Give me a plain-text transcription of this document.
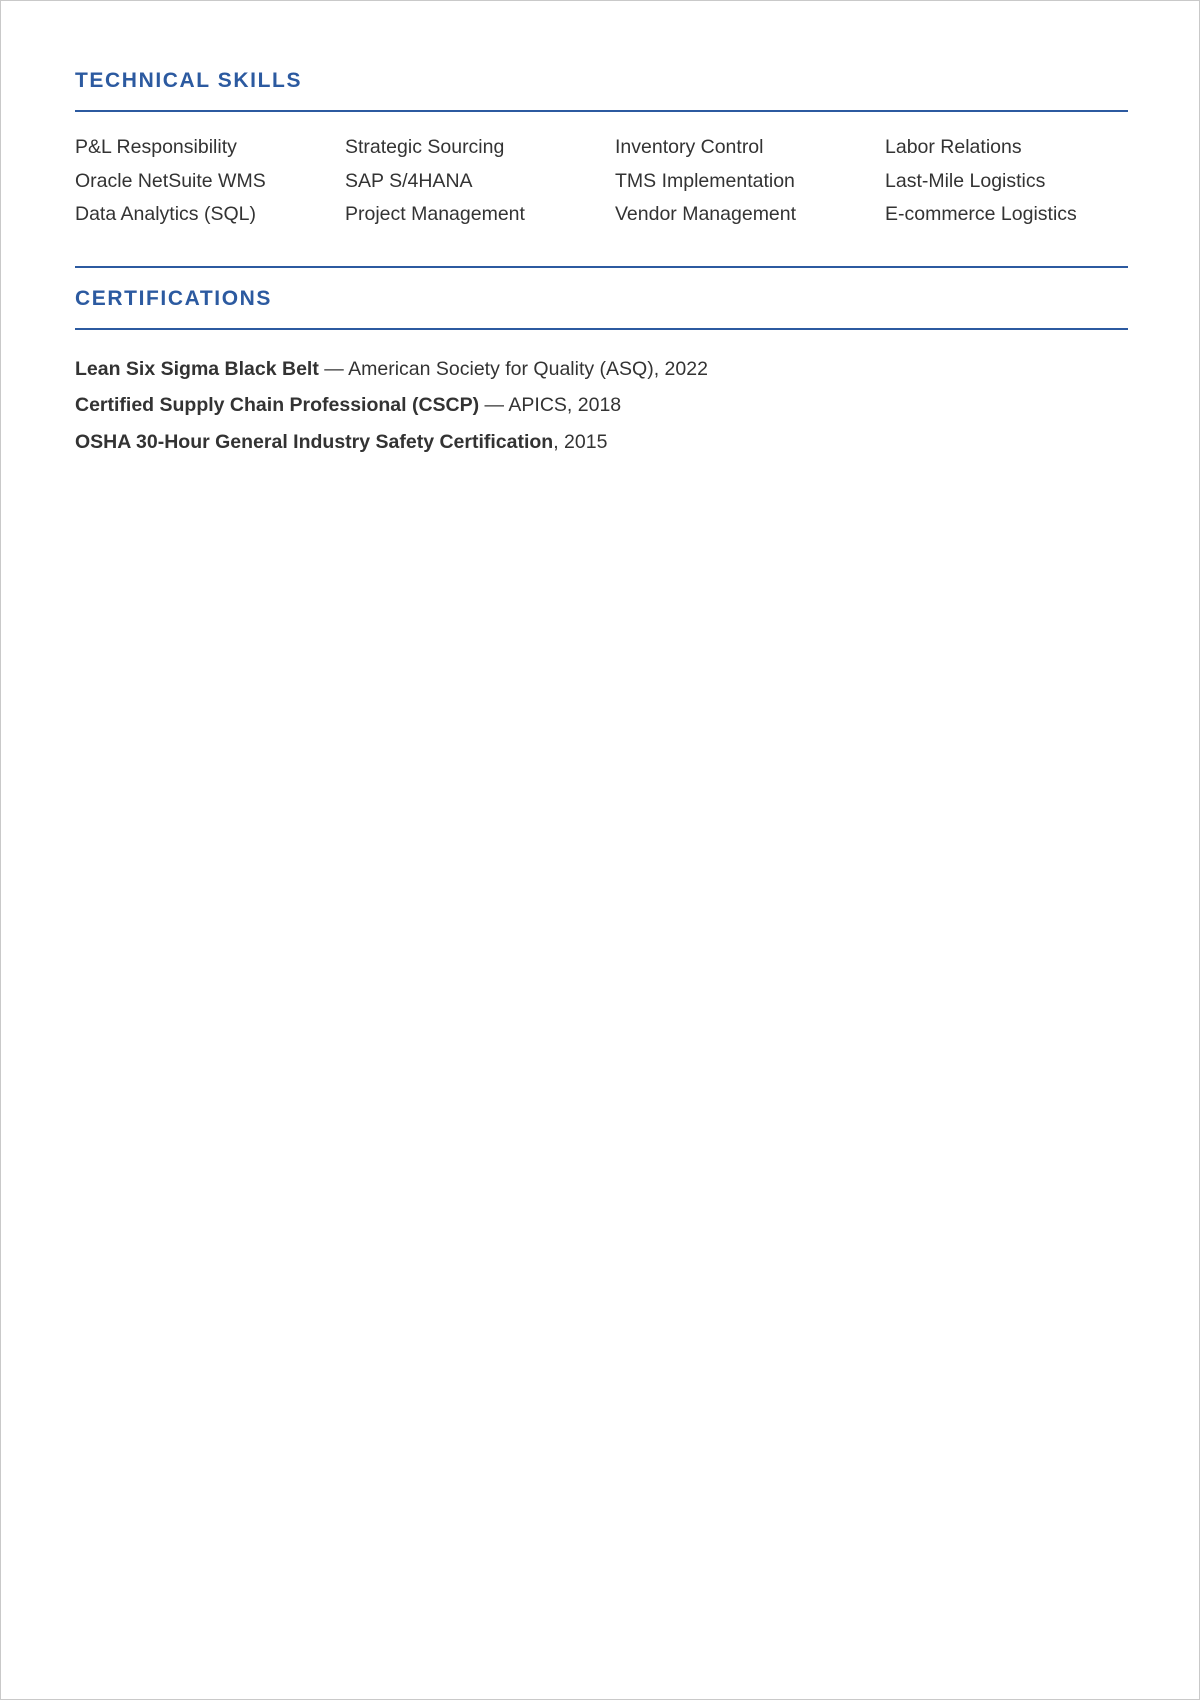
TECHNICAL SKILLS
P&L Responsibility	Strategic Sourcing	Inventory Control	Labor Relations
Oracle NetSuite WMS	SAP S/4HANA	TMS Implementation	Last-Mile Logistics
Data Analytics (SQL)	Project Management	Vendor Management	E-commerce Logistics
CERTIFICATIONS
Lean Six Sigma Black Belt — American Society for Quality (ASQ), 2022
Certified Supply Chain Professional (CSCP) — APICS, 2018
OSHA 30-Hour General Industry Safety Certification, 2015
